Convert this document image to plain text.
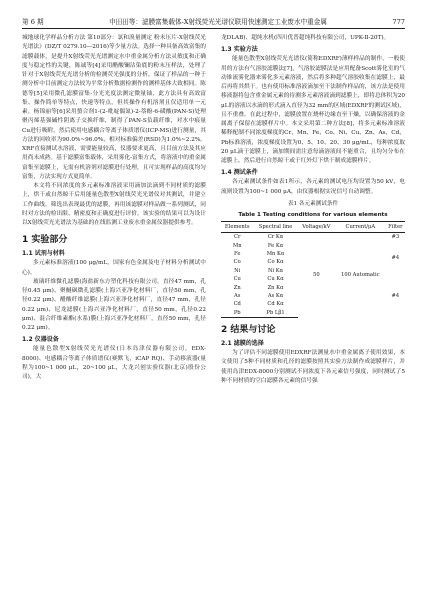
第 6 期	申田田等：滤膜富集载体-X射线荧光光谱仪联用快速测定工业废水中重金属	777

城地球化学样品分析方法 第10部分：氯和溴量测定 粉末压片-X射线荧光光谱法》(DZ/T 0279.10—2016)等少量方法。选择一种具备高效富集的滤膜载体，是提升X射线荧光光谱测定水中重金属分析方法灵敏度和正确度与稳定性的关键，陈诚等[4]采用醋酸镧沾染底的粉末压样法，处理了针对于X射线荧光光谱分析的检测荧光强度的分析，保证了样品的一种于测分析中目前测定方法较为平常分析数据检测作的测样基体大致相同。陈德等[5]采用微孔滤膜富集-分光光度法测定微量铀，此方法具有高效富集、操作简单等特点，快速等特点，但其操作有机溶剂且仅适用单一元素。杨锦丽等[6]采用螯合剂1-(2-吡啶偶氮)-2-萘酚-6-磺酸(PAN-S)处理聚丙烯基强碱性阴离子交换纤维，制得了PAN-S负载纤维，对水中痕量Cu进行吸附，然后使用电感耦合等离子体质谱仪(ICP-MS)进行测量，其方法的回收率为90.0%~96.0%，相对标准偏差(RSD)为1.0%~2.2%。XRF直接测试水溶液，需要能量较高，仪器要求更高，且目前方法及其应用尚未成熟。基于滤膜富集载体，采用雾化-富集方式，将溶液中的重金属富集至滤膜上，无需有机溶剂对滤膜进行处理，且可实现样品的高度均匀富集，方法实现方式更简单。

本文将不同浓度的多元素标准溶液采用滴加法滴到不同材质的滤膜上，烘干或自然晾干后用能量色散型X射线荧光光谱仪对其测试，并建立工作曲线，筛选出表现最优的滤膜，再用该滤膜对样品做一系列测试，同时对方法的检出限、精密度和正确度进行评价。该实验的结果可以为设计以X射线荧光光谱法为基础的在线监测工业废水重金属仪器提供参考。

1 实验部分
1.1 试剂与材料

多元素标准溶液(100 μg/mL，国家有色金属及电子材料分析测试中心)。

玻璃纤维微孔滤膜(海盐新东方塑化科技有限公司，直径47 mm，孔径0.45 μm)、聚醚砜微孔滤膜(上海兴亚净化材料厂，直径50 mm，孔径0.22 μm)、醋酸纤维滤膜(上海兴亚净化材料厂，直径47 mm，孔径0.22 μm)、尼龙滤膜(上海兴亚净化材料厂，直径50 mm，孔径0.22 μm)、混合纤维素酯(水系)膜(上海兴亚净化材料厂，直径50 mm，孔径0.22 μm)。

1.2 仪器设备

能量色散型X射线荧光光谱仪(日本岛津仪器有限公司，EDX-8000)、电感耦合等离子体质谱仪(赛默飞，iCAP RQ)、手动移液器(量程为100~1 000 μL，20~100 μL，大龙兴创实验仪器(北京)股份公司)，大

龙DLAB)、超纯水机(四川优普超纯科技有限公司，UPK-Ⅱ-20T)。

1.3 实验方法

能量色散型X射线荧光光谱仪(简称EDXRF)薄样样品的制作，一般使用的方法有气溶胶滤膜法[7]，气溶胶滤膜法是应用配备Scott雾化室的气动锥流雾化器来雾化多元素溶液，然后将多种超气溶胶收集在滤膜上，最后再将其烘干。也有使用标准溶液滴加至干法制作样品的，该方法是使用移液器将包含重金属元素的待测多元素溶液滴到滤膜上，即将总体积为20 μL的溶液以水滴的形式滴入直径为32 mm的区域(EDXRF的测试区域)，且不重叠。在此过程中，滤膜放置在烧杯边缘直至干燥，以确保溶液的金属离子保留在滤膜样片中。本文采用第二种方法[8]，将多元素标准溶液稀释配制不同浓度梯度的Cr、Mn、Fe、Co、Ni、Cu、Zn、As、Cd、Pb标准溶液，浓度梯度设置为0、5、10、20、30 μg/mL，每种浓度取20 μL滴于滤膜上，滴加期间需注意每滴溶液间不能重合，且均匀分布在滤膜上，然后进行自然晾干或于红外灯下烘干制成滤膜样片。

1.4 测试条件

各元素测试条件如表1所示，各元素的测试电压均设置为50 kV，电流则设置为100~1 000 μA，由仪器根据实况信号自动调整。

表1 各元素测试条件
Table 1 Testing conditions for various elements
Elements	Spectral line	Voltage/kV	Current/μA	Filter
Cr	Cr Kα	50	100 Automatic	#3
Mn	Fe Kα			#4
Fe	Mn Kα			
Co	Co Kα			
Ni	Ni Kα			
Cu	Cu Kα			#4
Zn	Zn Kα			
As	As Kα			
Cd	Cd Kα			
Pb	Pb Lβ1			
2 结果与讨论
2.1 滤膜的选择

为了评估不同滤膜使用EDXRF法测量水中重金属离子使用效果，本文使用了5种不同材质和孔径的滤膜按照其实验方法制作成滤膜样片，并使用岛津EDX-8000分别测试不同浓度下各元素信号强度，同时测试了5种不同材质的空白滤膜各元素的信号强
